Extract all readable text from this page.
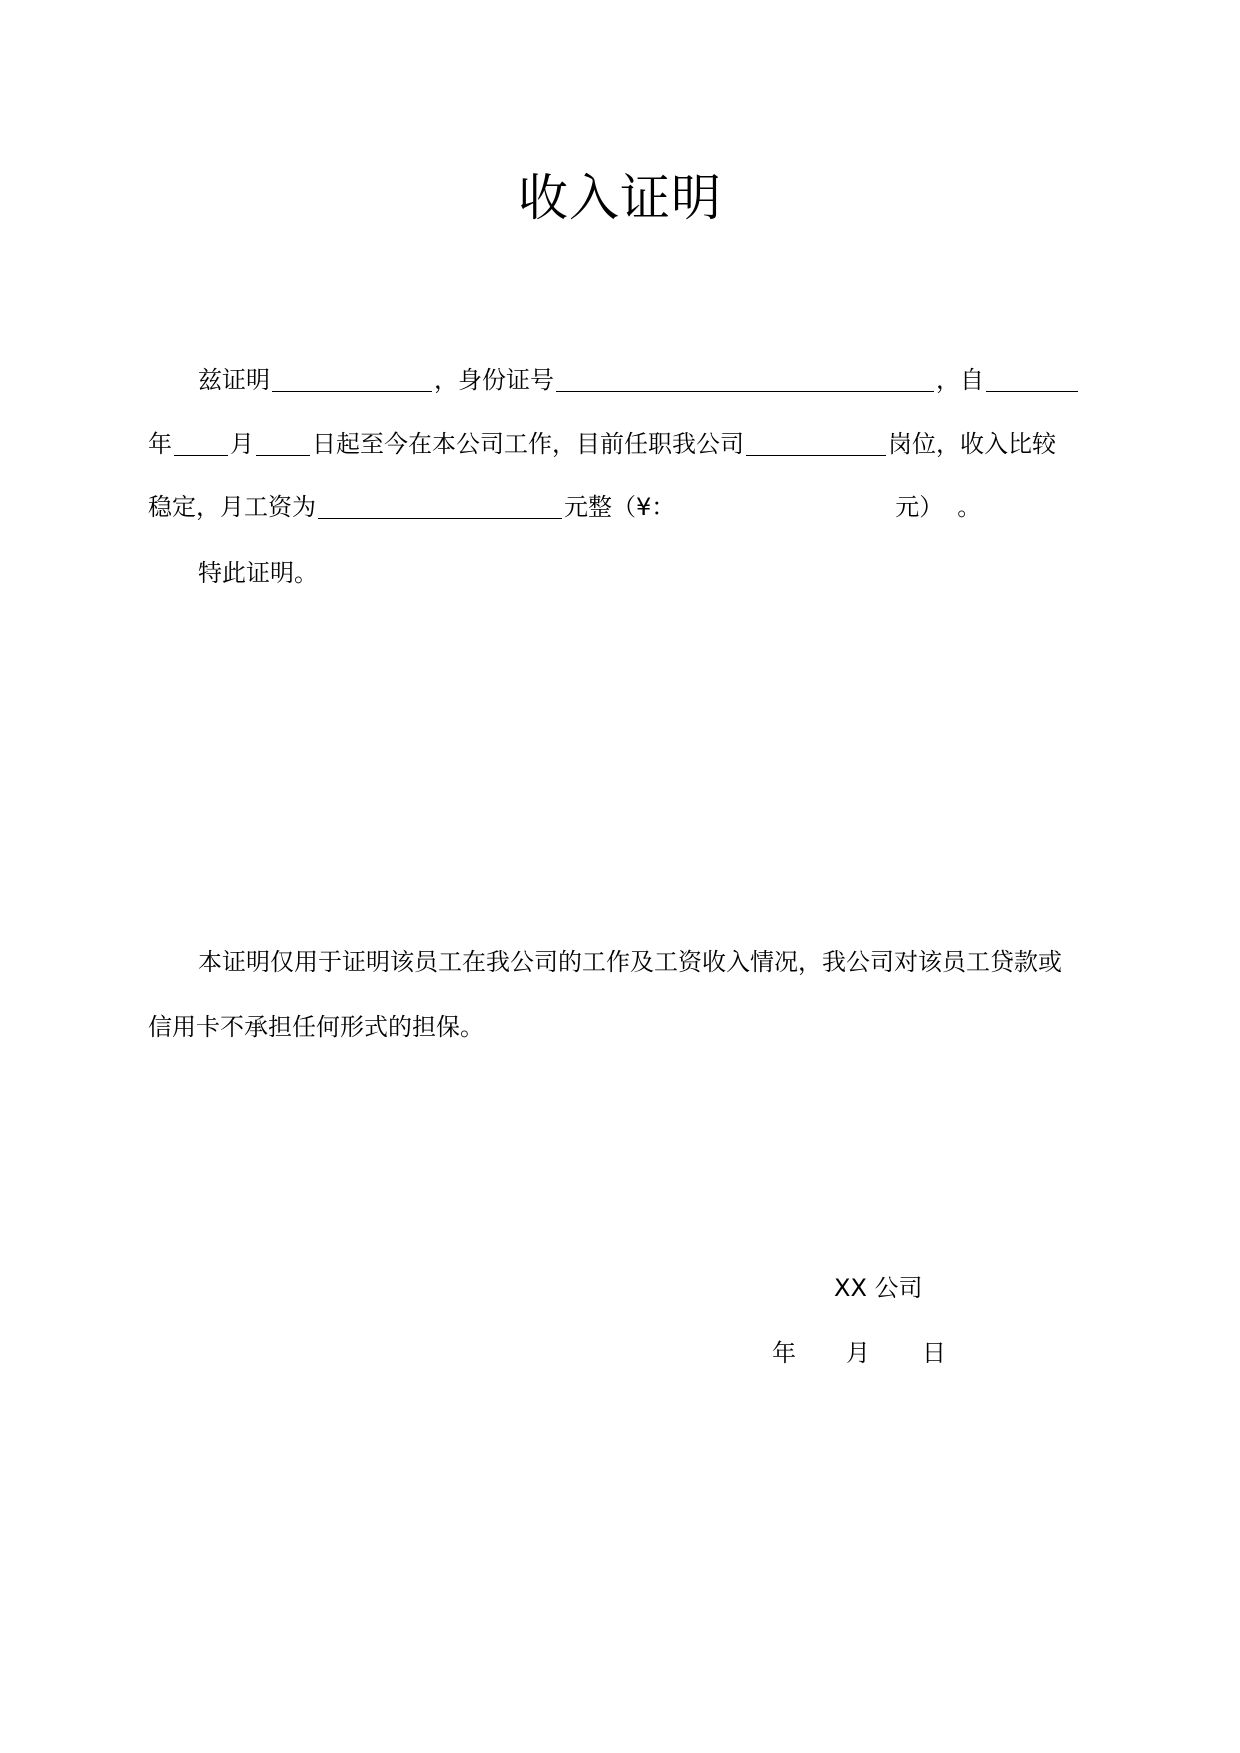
收入证明
兹证明	，身份证号	，自
年 月 日起至今在本公司工作，目前任职我公司	岗位，收入比较
稳定，月工资为	元整（¥：	元） 。
特此证明。
本证明仅用于证明该员工在我公司的工作及工资收入情况，我公司对该员工贷款或
信用卡不承担任何形式的担保。
XX 公司
年 月 日
